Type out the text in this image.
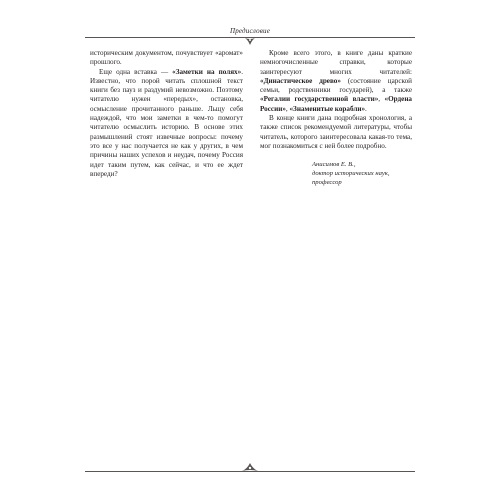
Предисловие

историческим документом, почувствует «аромат» прошлого.

Еще одна вставка — «Заметки на полях». Известно, что порой читать сплошной текст книги без пауз и раздумий невозможно. Поэтому читателю нужен «передых», остановка, осмысление прочитанного раньше. Льщу себя надеждой, что мои заметки в чем-то помогут читателю осмыслить историю. В основе этих размышлений стоят извечные вопросы: почему это все у нас получается не как у других, в чем причины наших успехов и неудач, почему Россия идет таким путем, как сейчас, и что ее ждет впереди?

Кроме всего этого, в книге даны краткие немногочисленные справки, которые заинтересуют многих читателей: «Династическое древо» (состояние царской семьи, родственники государей), а также «Регалии государственной власти», «Ордена России», «Знаменитые корабли».

В конце книги дана подробная хронология, а также список рекомендуемой литературы, чтобы читатель, которого заинтересовала какая-то тема, мог познакомиться с ней более подробно.

Анисимов Е. В.,
доктор исторических наук,
профессор
